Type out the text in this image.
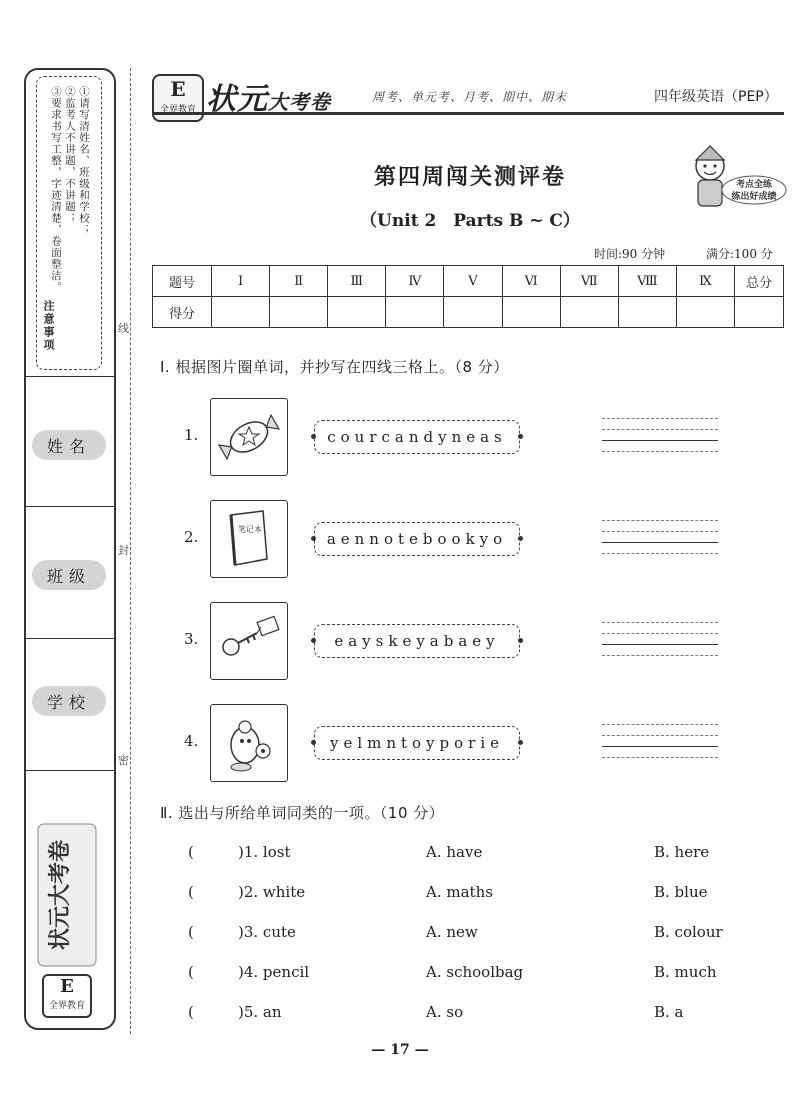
①请写清姓名、班级和学校；
②监考人不讲题，不讲题；
③要求书写工整，字迹清楚，卷面整洁。
注意事项
姓名
班级
学校
状元大考卷
E
全界教育
线
封
密
E
全界教育 状元大考卷	周考、单元考、月考、期中、期末	四年级英语（PEP）
第四周闯关测评卷
（Unit 2　Parts B ~ C）
考点全练
练出好成绩
时间:90 分钟	满分:100 分
题号	Ⅰ	Ⅱ	Ⅲ	Ⅳ	Ⅴ	Ⅵ	Ⅶ	Ⅷ	Ⅸ	总分
得分										
Ⅰ. 根据图片圈单词，并抄写在四线三格上。（8 分）
1.	courcandyneas
2.	笔记本
aennotebookyo
3.	eayskeyabaey
4.	yelmntoyporie
Ⅱ. 选出与所给单词同类的一项。（10 分）
(	)1. lost	A. have	B. here
(	)2. white	A. maths	B. blue
(	)3. cute	A. new	B. colour
(	)4. pencil	A. schoolbag	B. much
(	)5. an	A. so	B. a
— 17 —
